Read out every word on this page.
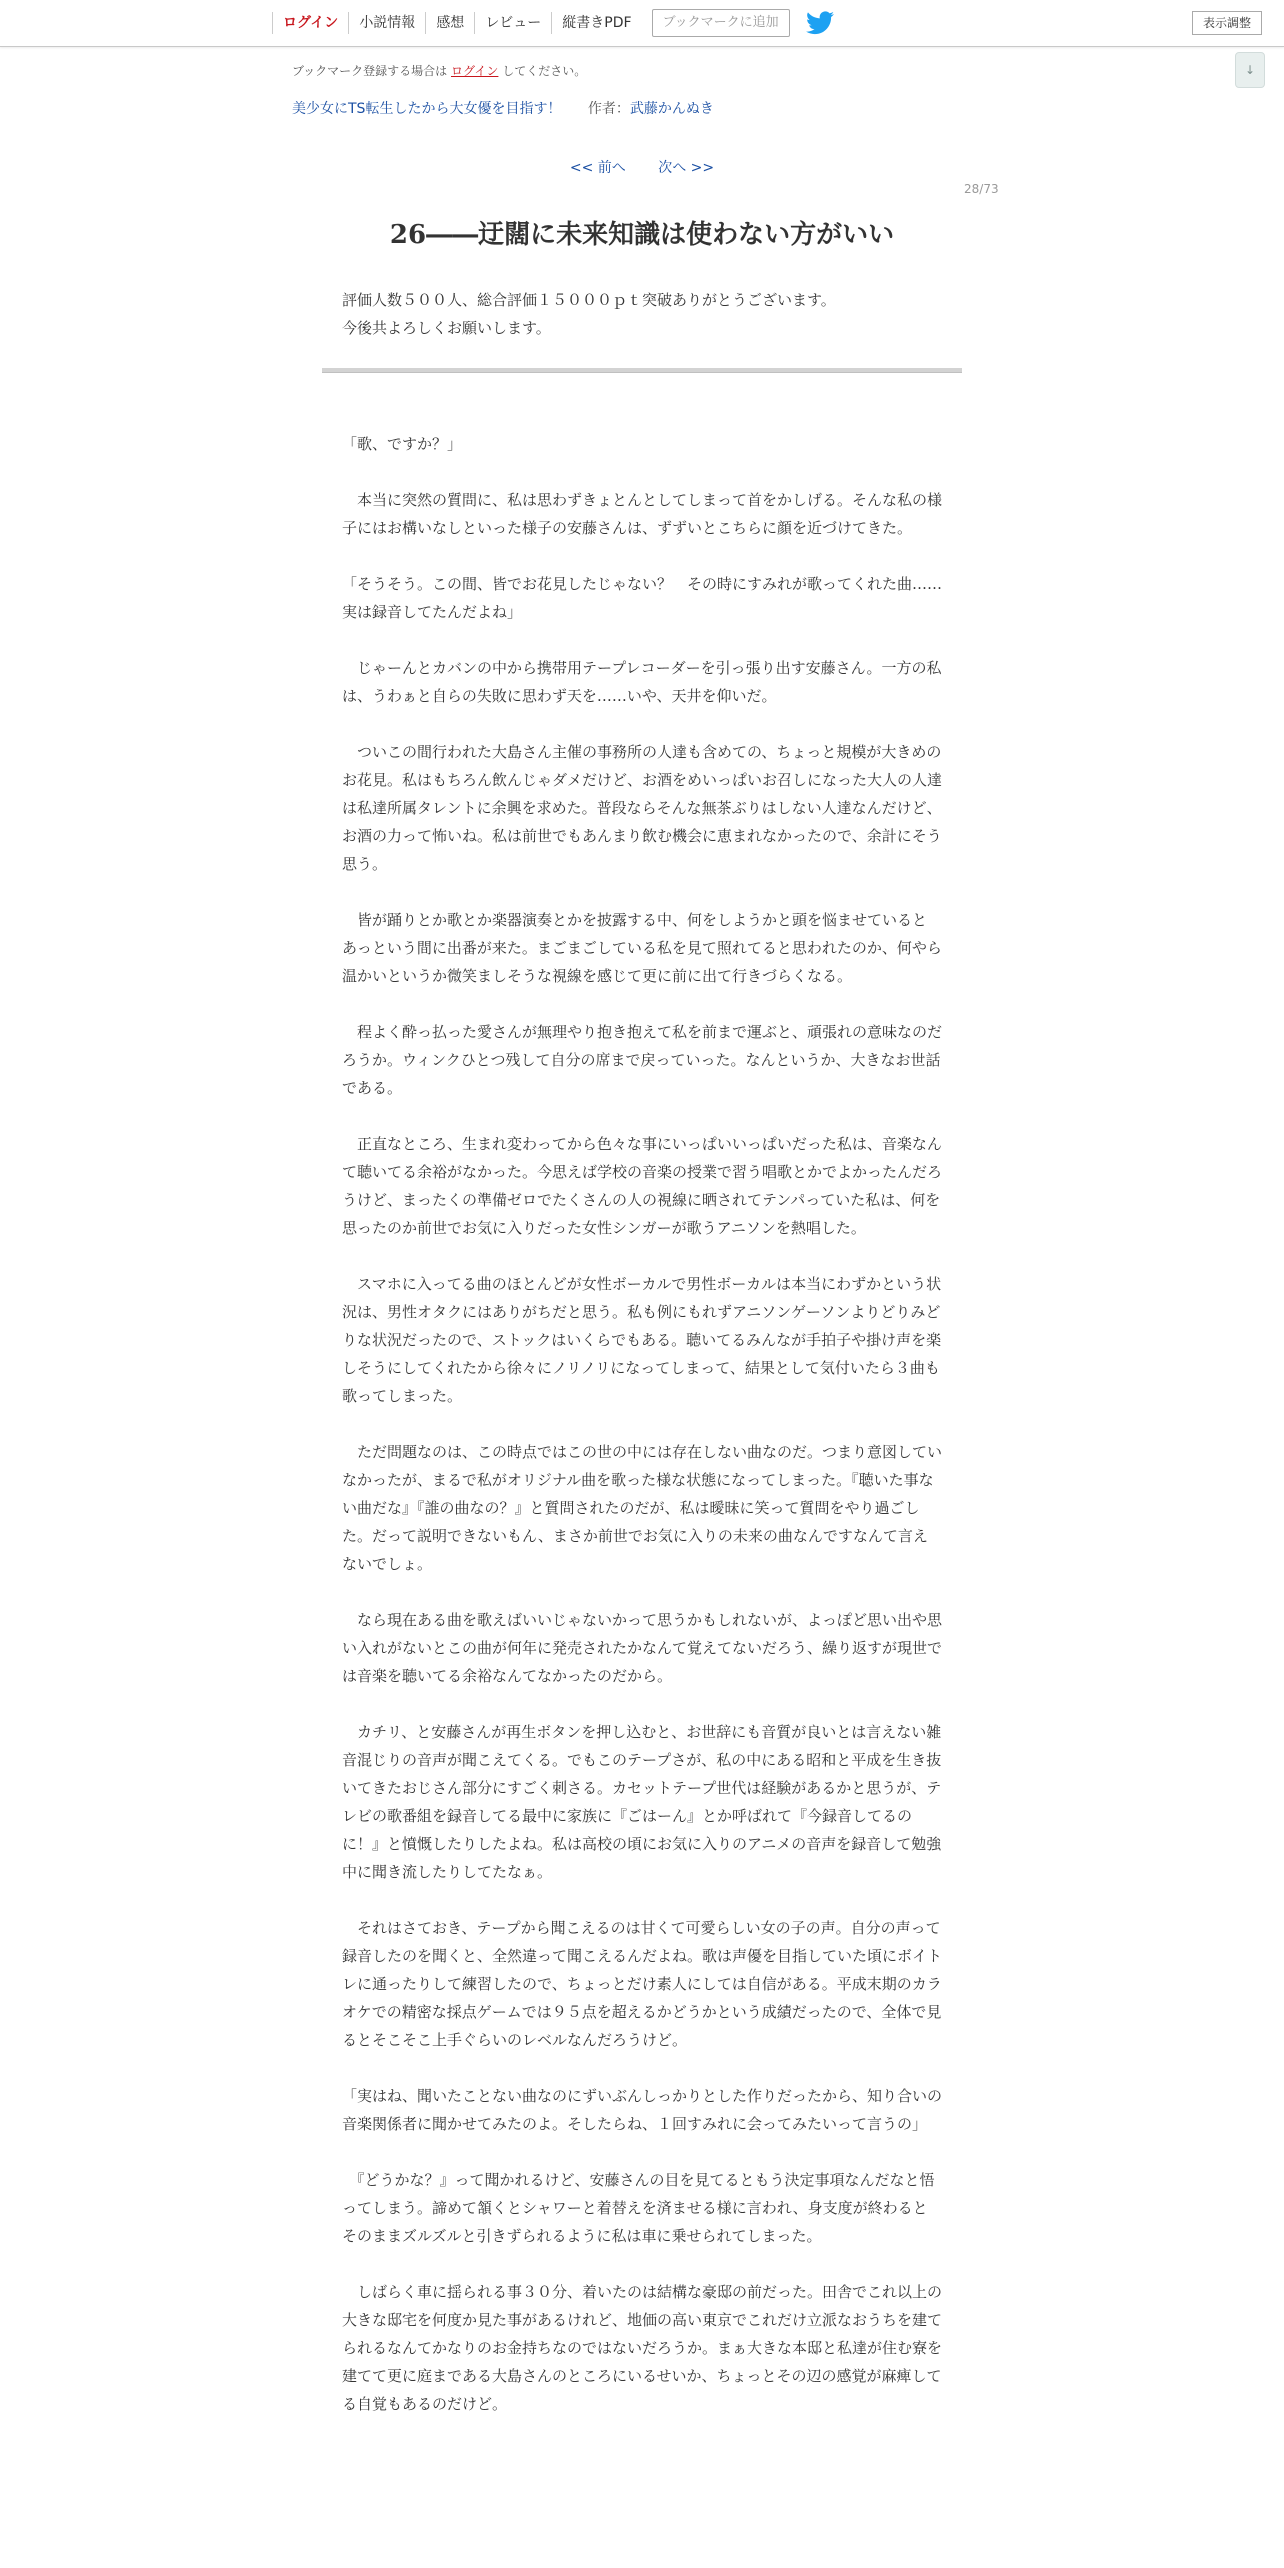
ログイン	小説情報	感想	レビュー	縦書きPDF	ブックマークに追加	表示調整
↓
ブックマーク登録する場合は ログイン してください。
美少女にTS転生したから大女優を目指す！ 作者：武藤かんぬき
<< 前へ 次へ >>
28/73
26――迂闊に未来知識は使わない方がいい

評価人数５００人、総合評価１５０００ｐｔ突破ありがとうございます。

今後共よろしくお願いします。

「歌、ですか？」

　本当に突然の質問に、私は思わずきょとんとしてしまって首をかしげる。そんな私の様子にはお構いなしといった様子の安藤さんは、ずずいとこちらに顔を近づけてきた。

「そうそう。この間、皆でお花見したじゃない？　その時にすみれが歌ってくれた曲……実は録音してたんだよね」

　じゃーんとカバンの中から携帯用テープレコーダーを引っ張り出す安藤さん。一方の私は、うわぁと自らの失敗に思わず天を……いや、天井を仰いだ。

　ついこの間行われた大島さん主催の事務所の人達も含めての、ちょっと規模が大きめのお花見。私はもちろん飲んじゃダメだけど、お酒をめいっぱいお召しになった大人の人達は私達所属タレントに余興を求めた。普段ならそんな無茶ぶりはしない人達なんだけど、お酒の力って怖いね。私は前世でもあんまり飲む機会に恵まれなかったので、余計にそう思う。

　皆が踊りとか歌とか楽器演奏とかを披露する中、何をしようかと頭を悩ませているとあっという間に出番が来た。まごまごしている私を見て照れてると思われたのか、何やら温かいというか微笑ましそうな視線を感じて更に前に出て行きづらくなる。

　程よく酔っ払った愛さんが無理やり抱き抱えて私を前まで運ぶと、頑張れの意味なのだろうか。ウィンクひとつ残して自分の席まで戻っていった。なんというか、大きなお世話である。

　正直なところ、生まれ変わってから色々な事にいっぱいいっぱいだった私は、音楽なんて聴いてる余裕がなかった。今思えば学校の音楽の授業で習う唱歌とかでよかったんだろうけど、まったくの準備ゼロでたくさんの人の視線に晒されてテンパっていた私は、何を思ったのか前世でお気に入りだった女性シンガーが歌うアニソンを熱唱した。

　スマホに入ってる曲のほとんどが女性ボーカルで男性ボーカルは本当にわずかという状況は、男性オタクにはありがちだと思う。私も例にもれずアニソンゲーソンよりどりみどりな状況だったので、ストックはいくらでもある。聴いてるみんなが手拍子や掛け声を楽しそうにしてくれたから徐々にノリノリになってしまって、結果として気付いたら３曲も歌ってしまった。

　ただ問題なのは、この時点ではこの世の中には存在しない曲なのだ。つまり意図していなかったが、まるで私がオリジナル曲を歌った様な状態になってしまった。『聴いた事ない曲だな』『誰の曲なの？』と質問されたのだが、私は曖昧に笑って質問をやり過ごした。だって説明できないもん、まさか前世でお気に入りの未来の曲なんですなんて言えないでしょ。

　なら現在ある曲を歌えばいいじゃないかって思うかもしれないが、よっぽど思い出や思い入れがないとこの曲が何年に発売されたかなんて覚えてないだろう、繰り返すが現世では音楽を聴いてる余裕なんてなかったのだから。

　カチリ、と安藤さんが再生ボタンを押し込むと、お世辞にも音質が良いとは言えない雑音混じりの音声が聞こえてくる。でもこのテープさが、私の中にある昭和と平成を生き抜いてきたおじさん部分にすごく刺さる。カセットテープ世代は経験があるかと思うが、テレビの歌番組を録音してる最中に家族に『ごはーん』とか呼ばれて『今録音してるのに！』と憤慨したりしたよね。私は高校の頃にお気に入りのアニメの音声を録音して勉強中に聞き流したりしてたなぁ。

　それはさておき、テープから聞こえるのは甘くて可愛らしい女の子の声。自分の声って録音したのを聞くと、全然違って聞こえるんだよね。歌は声優を目指していた頃にボイトレに通ったりして練習したので、ちょっとだけ素人にしては自信がある。平成末期のカラオケでの精密な採点ゲームでは９５点を超えるかどうかという成績だったので、全体で見るとそこそこ上手ぐらいのレベルなんだろうけど。

「実はね、聞いたことない曲なのにずいぶんしっかりとした作りだったから、知り合いの音楽関係者に聞かせてみたのよ。そしたらね、１回すみれに会ってみたいって言うの」

　『どうかな？』って聞かれるけど、安藤さんの目を見てるともう決定事項なんだなと悟ってしまう。諦めて頷くとシャワーと着替えを済ませる様に言われ、身支度が終わるとそのままズルズルと引きずられるように私は車に乗せられてしまった。

　しばらく車に揺られる事３０分、着いたのは結構な豪邸の前だった。田舎でこれ以上の大きな邸宅を何度か見た事があるけれど、地価の高い東京でこれだけ立派なおうちを建てられるなんてかなりのお金持ちなのではないだろうか。まぁ大きな本邸と私達が住む寮を建てて更に庭まである大島さんのところにいるせいか、ちょっとその辺の感覚が麻痺してる自覚もあるのだけど。
